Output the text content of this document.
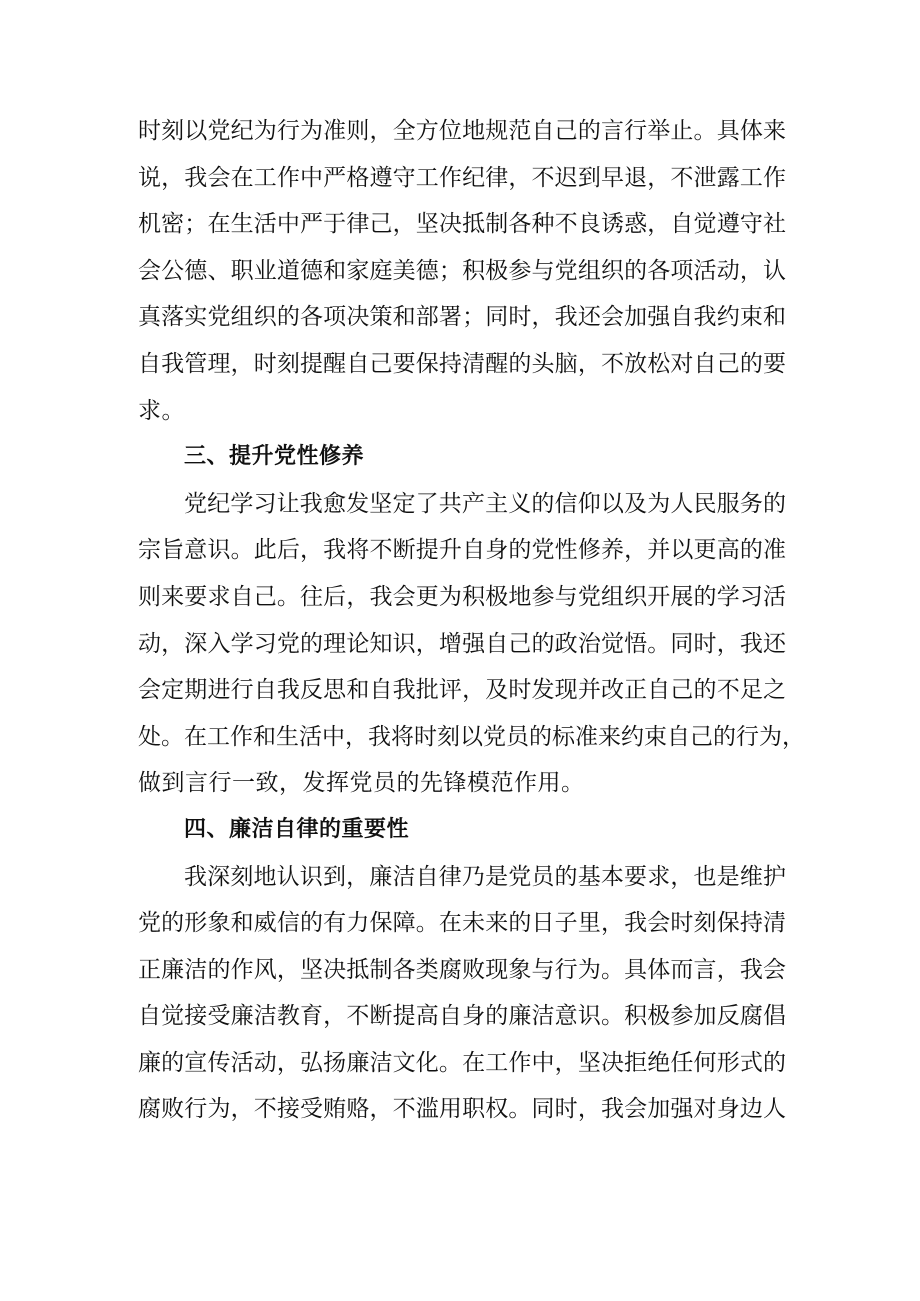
时刻以党纪为行为准则，全方位地规范自己的言行举止。具体来
说，我会在工作中严格遵守工作纪律，不迟到早退，不泄露工作
机密；在生活中严于律己，坚决抵制各种不良诱惑，自觉遵守社
会公德、职业道德和家庭美德；积极参与党组织的各项活动，认
真落实党组织的各项决策和部署；同时，我还会加强自我约束和
自我管理，时刻提醒自己要保持清醒的头脑，不放松对自己的要
求。
三、提升党性修养
党纪学习让我愈发坚定了共产主义的信仰以及为人民服务的
宗旨意识。此后，我将不断提升自身的党性修养，并以更高的准
则来要求自己。往后，我会更为积极地参与党组织开展的学习活
动，深入学习党的理论知识，增强自己的政治觉悟。同时，我还
会定期进行自我反思和自我批评，及时发现并改正自己的不足之
处。在工作和生活中，我将时刻以党员的标准来约束自己的行为，
做到言行一致，发挥党员的先锋模范作用。
四、廉洁自律的重要性
我深刻地认识到，廉洁自律乃是党员的基本要求，也是维护
党的形象和威信的有力保障。在未来的日子里，我会时刻保持清
正廉洁的作风，坚决抵制各类腐败现象与行为。具体而言，我会
自觉接受廉洁教育，不断提高自身的廉洁意识。积极参加反腐倡
廉的宣传活动，弘扬廉洁文化。在工作中，坚决拒绝任何形式的
腐败行为，不接受贿赂，不滥用职权。同时，我会加强对身边人
